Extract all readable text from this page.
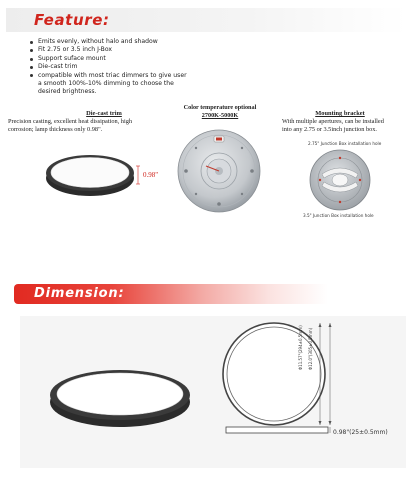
Feature:
Emits evenly, without halo and shadow
Fit 2.75 or 3.5 inch J-Box
Support suface mount
Die-cast trim
compatible with most triac dimmers to give user
a smooth 100%-10% dimming to choose the
desired brightness.
Die-cast trim
Precision casting, excellent heat dissipation, high
corrosion; lamp thickness only 0.98".
0.98"
Color temperature optional
2700K-5000K	Mounting bracket
With multiple apertures, can be installed
into any 2.75 or 3.5inch junction box.
2.75" Junction Box installation hole
3.5" Junction Box installation hole
Dimension:
Φ11.57"(294±0.5mm) Φ12.0"(305±0.5mm)
0.98"(25±0.5mm)
